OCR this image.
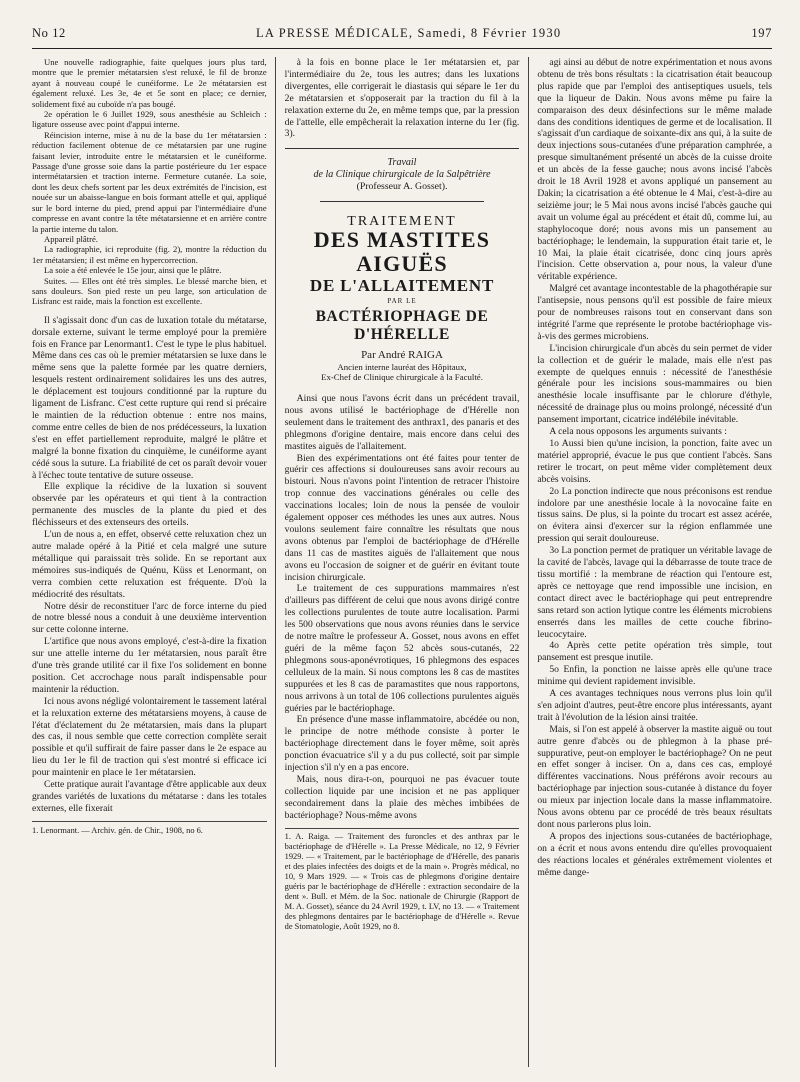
No 12	LA PRESSE MÉDICALE, Samedi, 8 Février 1930	197

Une nouvelle radiographie, faite quelques jours plus tard, montre que le premier métatarsien s'est reluxé, le fil de bronze ayant à nouveau coupé le cunéiforme. Le 2e métatarsien est également reluxé. Les 3e, 4e et 5e sont en place; ce dernier, solidement fixé au cuboïde n'a pas bougé.

2e opération le 6 Juillet 1929, sous anesthésie au Schleich : ligature osseuse avec point d'appui interne.

Réincision interne, mise à nu de la base du 1er métatarsien : réduction facilement obtenue de ce métatarsien par une rugine faisant levier, introduite entre le métatarsien et le cunéiforme. Passage d'une grosse soie dans la partie postérieure du 1er espace intermétatarsien et traction interne. Fermeture cutanée. La soie, dont les deux chefs sortent par les deux extrémités de l'incision, est nouée sur un abaisse-langue en bois formant attelle et qui, appliqué sur le bord interne du pied, prend appui par l'intermédiaire d'une compresse en avant contre la tête métatarsienne et en arrière contre la partie interne du talon.

Appareil plâtré.

La radiographie, ici reproduite (fig. 2), montre la réduction du 1er métatarsien; il est même en hypercorrection.

La soie a été enlevée le 15e jour, ainsi que le plâtre.

Suites. — Elles ont été très simples. Le blessé marche bien, et sans douleurs. Son pied reste un peu large, son articulation de Lisfranc est raide, mais la fonction est excellente.

Il s'agissait donc d'un cas de luxation totale du métatarse, dorsale externe, suivant le terme employé pour la première fois en France par Lenormant1. C'est le type le plus habituel. Même dans ces cas où le premier métatarsien se luxe dans le même sens que la palette formée par les quatre derniers, lesquels restent ordinairement solidaires les uns des autres, le déplacement est toujours conditionné par la rupture du ligament de Lisfranc. C'est cette rupture qui rend si précaire le maintien de la réduction obtenue : entre nos mains, comme entre celles de bien de nos prédécesseurs, la luxation s'est en effet partiellement reproduite, malgré le plâtre et malgré la bonne fixation du cinquième, le cunéiforme ayant cédé sous la suture. La friabilité de cet os paraît devoir vouer à l'échec toute tentative de suture osseuse.

Elle explique la récidive de la luxation si souvent observée par les opérateurs et qui tient à la contraction permanente des muscles de la plante du pied et des fléchisseurs et des extenseurs des orteils.

L'un de nous a, en effet, observé cette reluxation chez un autre malade opéré à la Pitié et cela malgré une suture métallique qui paraissait très solide. En se reportant aux mémoires sus-indiqués de Quénu, Küss et Lenormant, on verra combien cette reluxation est fréquente. D'où la médiocrité des résultats.

Notre désir de reconstituer l'arc de force interne du pied de notre blessé nous a conduit à une deuxième intervention sur cette colonne interne.

L'artifice que nous avons employé, c'est-à-dire la fixation sur une attelle interne du 1er métatarsien, nous paraît être d'une très grande utilité car il fixe l'os solidement en bonne position. Cet accrochage nous paraît indispensable pour maintenir la réduction.

Ici nous avons négligé volontairement le tassement latéral et la reluxation externe des métatarsiens moyens, à cause de l'état d'éclatement du 2e métatarsien, mais dans la plupart des cas, il nous semble que cette correction complète serait possible et qu'il suffirait de faire passer dans le 2e espace au lieu du 1er le fil de traction qui s'est montré si efficace ici pour maintenir en place le 1er métatarsien.

Cette pratique aurait l'avantage d'être applicable aux deux grandes variétés de luxations du métatarse : dans les totales externes, elle fixerait

1. Lenormant. — Archiv. gén. de Chir., 1908, no 6.

à la fois en bonne place le 1er métatarsien et, par l'intermédiaire du 2e, tous les autres; dans les luxations divergentes, elle corrigerait le diastasis qui sépare le 1er du 2e métatarsien et s'opposerait par la traction du fil à la relaxation externe du 2e, en même temps que, par la pression de l'attelle, elle empêcherait la relaxation interne du 1er (fig. 3).

Travail
de la Clinique chirurgicale de la Salpêtrière
(Professeur A. Gosset).
TRAITEMENT
DES MASTITES AIGUËS
DE L'ALLAITEMENT
PAR LE
BACTÉRIOPHAGE DE D'HÉRELLE
Par André RAIGA
Ancien interne lauréat des Hôpitaux,
Ex-Chef de Clinique chirurgicale à la Faculté.

Ainsi que nous l'avons écrit dans un précédent travail, nous avons utilisé le bactériophage de d'Hérelle non seulement dans le traitement des anthrax1, des panaris et des phlegmons d'origine dentaire, mais encore dans celui des mastites aiguës de l'allaitement.

Bien des expérimentations ont été faites pour tenter de guérir ces affections si douloureuses sans avoir recours au bistouri. Nous n'avons point l'intention de retracer l'histoire trop connue des vaccinations générales ou celle des vaccinations locales; loin de nous la pensée de vouloir également opposer ces méthodes les unes aux autres. Nous voulons seulement faire connaître les résultats que nous avons obtenus par l'emploi de bactériophage de d'Hérelle dans 11 cas de mastites aiguës de l'allaitement que nous avons eu l'occasion de soigner et de guérir en évitant toute incision chirurgicale.

Le traitement de ces suppurations mammaires n'est d'ailleurs pas différent de celui que nous avons dirigé contre les collections purulentes de toute autre localisation. Parmi les 500 observations que nous avons réunies dans le service de notre maître le professeur A. Gosset, nous avons en effet guéri de la même façon 52 abcès sous-cutanés, 22 phlegmons sous-aponévrotiques, 16 phlegmons des espaces celluleux de la main. Si nous comptons les 8 cas de mastites suppurées et les 8 cas de paramastites que nous rapportons, nous arrivons à un total de 106 collections purulentes aiguës guéries par le bactériophage.

En présence d'une masse inflammatoire, abcédée ou non, le principe de notre méthode consiste à porter le bactériophage directement dans le foyer même, soit après ponction évacuatrice s'il y a du pus collecté, soit par simple injection s'il n'y en a pas encore.

Mais, nous dira-t-on, pourquoi ne pas évacuer toute collection liquide par une incision et ne pas appliquer secondairement dans la plaie des mèches imbibées de bactériophage? Nous-même avons

1. A. Raiga. — Traitement des furoncles et des anthrax par le bactériophage de d'Hérelle ». La Presse Médicale, no 12, 9 Février 1929. — « Traitement, par le bactériophage de d'Hérelle, des panaris et des plaies infectées des doigts et de la main ». Progrès médical, no 10, 9 Mars 1929. — « Trois cas de phlegmons d'origine dentaire guéris par le bactériophage de d'Hérelle : extraction secondaire de la dent ». Bull. et Mém. de la Soc. nationale de Chirurgie (Rapport de M. A. Gosset), séance du 24 Avril 1929, t. LV, no 13. — « Traitement des phlegmons dentaires par le bactériophage de d'Hérelle ». Revue de Stomatologie, Août 1929, no 8.

agi ainsi au début de notre expérimentation et nous avons obtenu de très bons résultats : la cicatrisation était beaucoup plus rapide que par l'emploi des antiseptiques usuels, tels que la liqueur de Dakin. Nous avons même pu faire la comparaison des deux désinfections sur le même malade dans des conditions identiques de germe et de localisation. Il s'agissait d'un cardiaque de soixante-dix ans qui, à la suite de deux injections sous-cutanées d'une préparation camphrée, a presque simultanément présenté un abcès de la cuisse droite et un abcès de la fesse gauche; nous avons incisé l'abcès droit le 18 Avril 1928 et avons appliqué un pansement au Dakin; la cicatrisation a été obtenue le 4 Mai, c'est-à-dire au seizième jour; le 5 Mai nous avons incisé l'abcès gauche qui avait un volume égal au précédent et était dû, comme lui, au staphylocoque doré; nous avons mis un pansement au bactériophage; le lendemain, la suppuration était tarie et, le 10 Mai, la plaie était cicatrisée, donc cinq jours après l'incision. Cette observation a, pour nous, la valeur d'une véritable expérience.

Malgré cet avantage incontestable de la phagothérapie sur l'antisepsie, nous pensons qu'il est possible de faire mieux pour de nombreuses raisons tout en conservant dans son intégrité l'arme que représente le protobe bactériophage vis-à-vis des germes microbiens.

L'incision chirurgicale d'un abcès du sein permet de vider la collection et de guérir le malade, mais elle n'est pas exempte de quelques ennuis : nécessité de l'anesthésie générale pour les incisions sous-mammaires ou bien anesthésie locale insuffisante par le chlorure d'éthyle, nécessité de drainage plus ou moins prolongé, nécessité d'un pansement important, cicatrice indélébile inévitable.

A cela nous opposons les arguments suivants :

1o Aussi bien qu'une incision, la ponction, faite avec un matériel approprié, évacue le pus que contient l'abcès. Sans retirer le trocart, on peut même vider complètement deux abcès voisins.

2o La ponction indirecte que nous préconisons est rendue indolore par une anesthésie locale à la novocaïne faite en tissus sains. De plus, si la pointe du trocart est assez acérée, on évitera ainsi d'exercer sur la région enflammée une pression qui serait douloureuse.

3o La ponction permet de pratiquer un véritable lavage de la cavité de l'abcès, lavage qui la débarrasse de toute trace de tissu mortifié : la membrane de réaction qui l'entoure est, après ce nettoyage que rend impossible une incision, en contact direct avec le bactériophage qui peut entreprendre sans retard son action lytique contre les éléments microbiens enserrés dans les mailles de cette couche fibrino-leucocytaire.

4o Après cette petite opération très simple, tout pansement est presque inutile.

5o Enfin, la ponction ne laisse après elle qu'une trace minime qui devient rapidement invisible.

A ces avantages techniques nous verrons plus loin qu'il s'en adjoint d'autres, peut-être encore plus intéressants, ayant trait à l'évolution de la lésion ainsi traitée.

Mais, si l'on est appelé à observer la mastite aiguë ou tout autre genre d'abcès ou de phlegmon à la phase pré-suppurative, peut-on employer le bactériophage? On ne peut en effet songer à inciser. On a, dans ces cas, employé différentes vaccinations. Nous préférons avoir recours au bactériophage par injection sous-cutanée à distance du foyer ou mieux par injection locale dans la masse inflammatoire. Nous avons obtenu par ce procédé de très beaux résultats dont nous parlerons plus loin.

A propos des injections sous-cutanées de bactériophage, on a écrit et nous avons entendu dire qu'elles provoquaient des réactions locales et générales extrêmement violentes et même dange-
